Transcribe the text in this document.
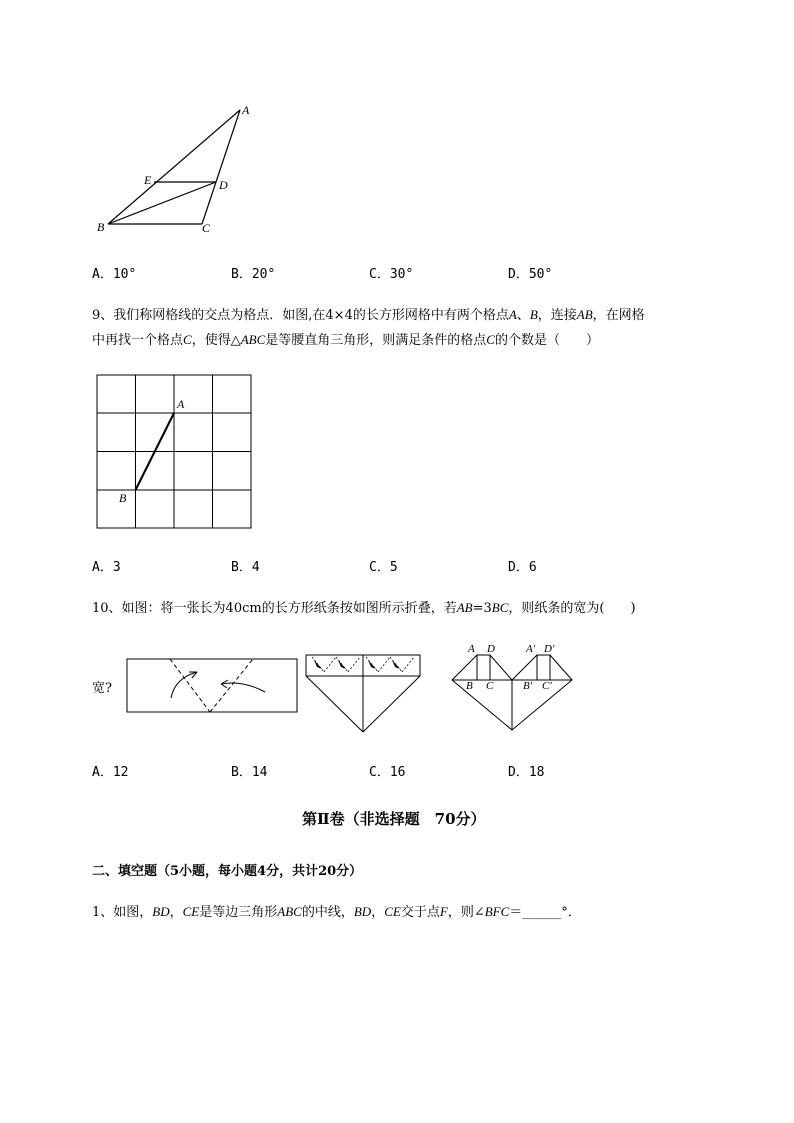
A
E	D
B	C
A．10°	B．20°	C．30°	D．50°
9、我们称网格线的交点为格点．如图,在4×4的长方形网格中有两个格点A、B，连接AB，在网格
中再找一个格点C，使得△ABC是等腰直角三角形，则满足条件的格点C的个数是（　　）
A
B
A．3	B．4	C．5	D．6
10、如图：将一张长为40cm的长方形纸条按如图所示折叠，若AB=3BC，则纸条的宽为(　　)
宽?
A D
B C
A′ D′
B′ C′
A．12	B．14	C．16	D．18
第Ⅱ卷（非选择题　70分）
二、填空题（5小题，每小题4分，共计20分）
1、如图，BD，CE是等边三角形ABC的中线，BD，CE交于点F，则∠BFC＝______°．
